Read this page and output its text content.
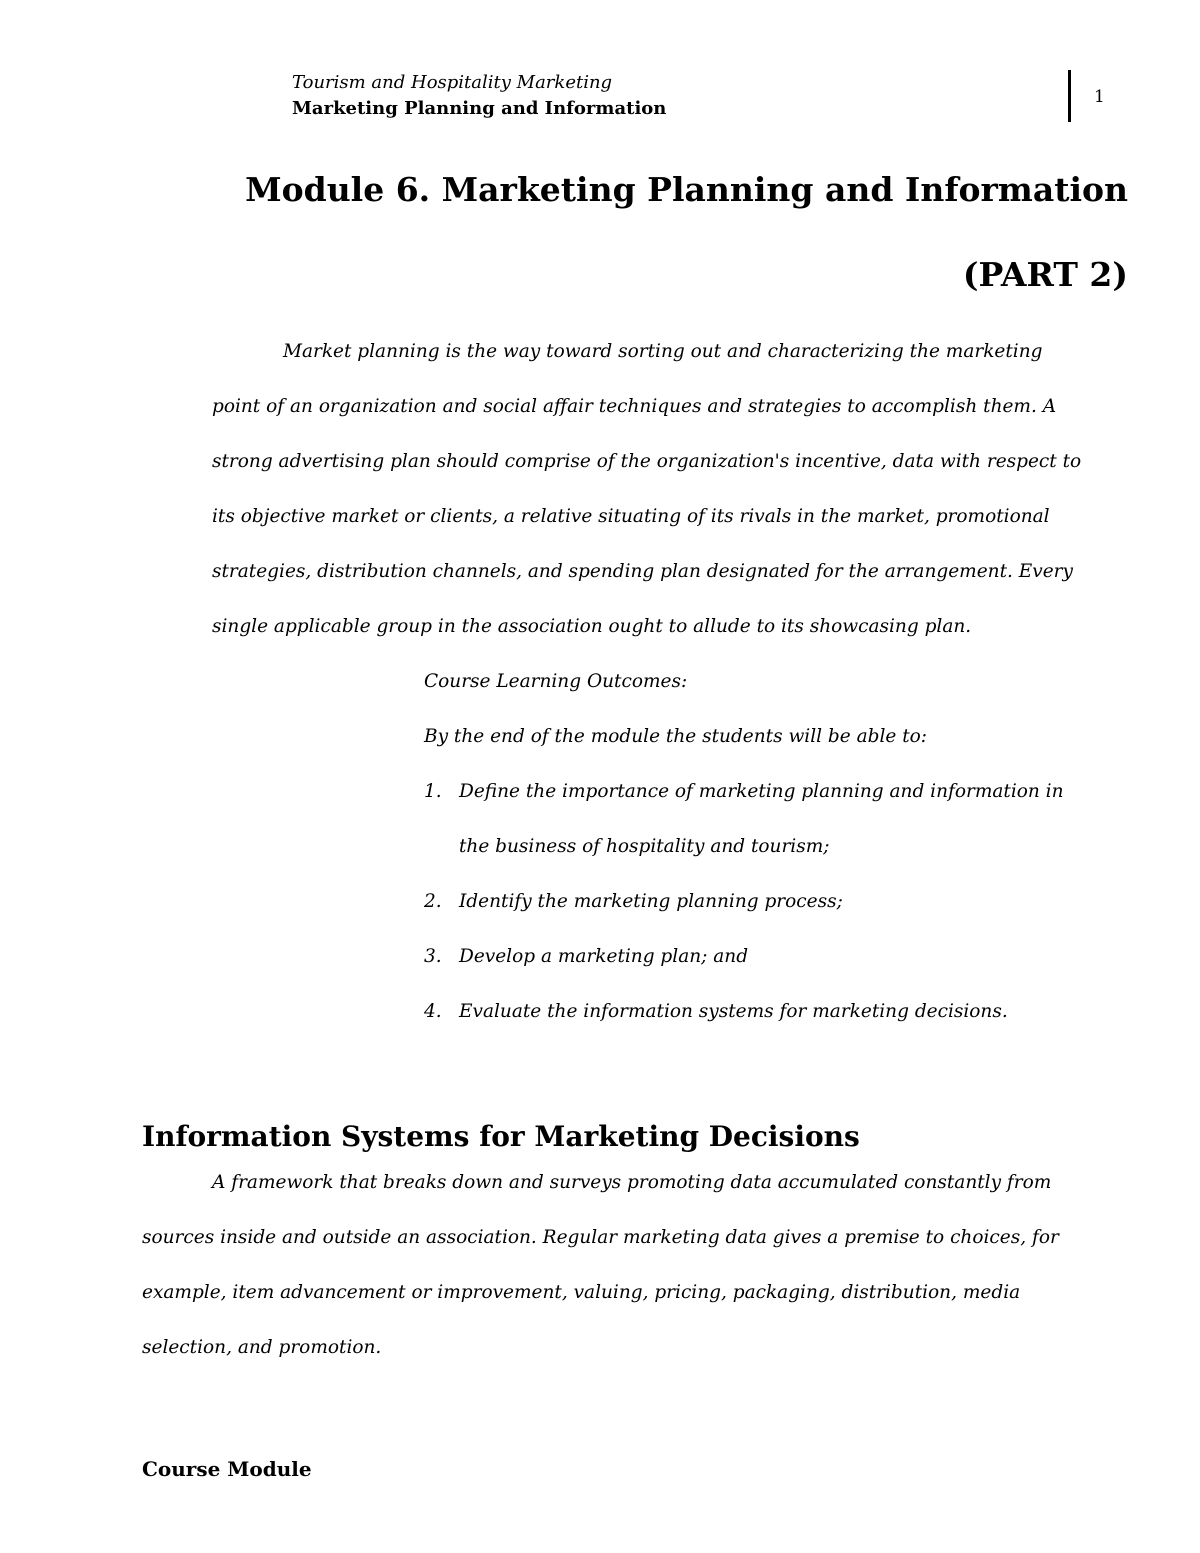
Tourism and Hospitality Marketing
Marketing Planning and Information
1
Module 6. Marketing Planning and Information
(PART 2)
Market planning is the way toward sorting out and characterizing the marketing
point of an organization and social affair techniques and strategies to accomplish them. A
strong advertising plan should comprise of the organization's incentive, data with respect to
its objective market or clients, a relative situating of its rivals in the market, promotional
strategies, distribution channels, and spending plan designated for the arrangement. Every
single applicable group in the association ought to allude to its showcasing plan.
Course Learning Outcomes:
By the end of the module the students will be able to:
1. Define the importance of marketing planning and information in
the business of hospitality and tourism;
2. Identify the marketing planning process;
3. Develop a marketing plan; and
4. Evaluate the information systems for marketing decisions.
Information Systems for Marketing Decisions
A framework that breaks down and surveys promoting data accumulated constantly from
sources inside and outside an association. Regular marketing data gives a premise to choices, for
example, item advancement or improvement, valuing, pricing, packaging, distribution, media
selection, and promotion.
Course Module
